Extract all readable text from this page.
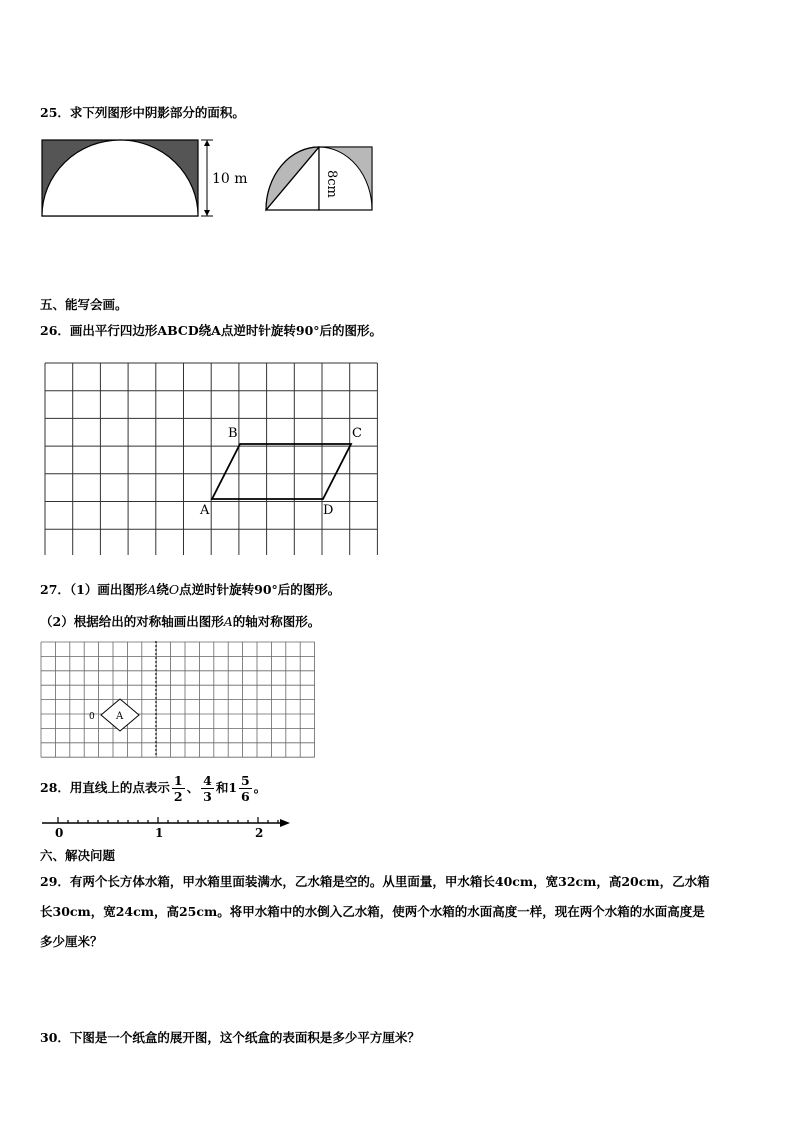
25．求下列图形中阴影部分的面积。
10 m	8cm
五、能写会画。
26．画出平行四边形ABCD绕A点逆时针旋转90°后的图形。
A
B	C
D
27．（1）画出图形A绕O点逆时针旋转90°后的图形。
（2）根据给出的对称轴画出图形A的轴对称图形。
A
0
28．用直线上的点表示 $\frac{1}{2}$ 、 $\frac{4}{3}$ 和$1 \frac{5}{6}$ 。
0	1	2
六、解决问题
29．有两个长方体水箱，甲水箱里面装满水，乙水箱是空的。从里面量，甲水箱长40cm，宽32cm，高20cm，乙水箱
长30cm，宽24cm，高25cm。将甲水箱中的水倒入乙水箱，使两个水箱的水面高度一样，现在两个水箱的水面高度是
多少厘米？
30．下图是一个纸盒的展开图，这个纸盒的表面积是多少平方厘米？
